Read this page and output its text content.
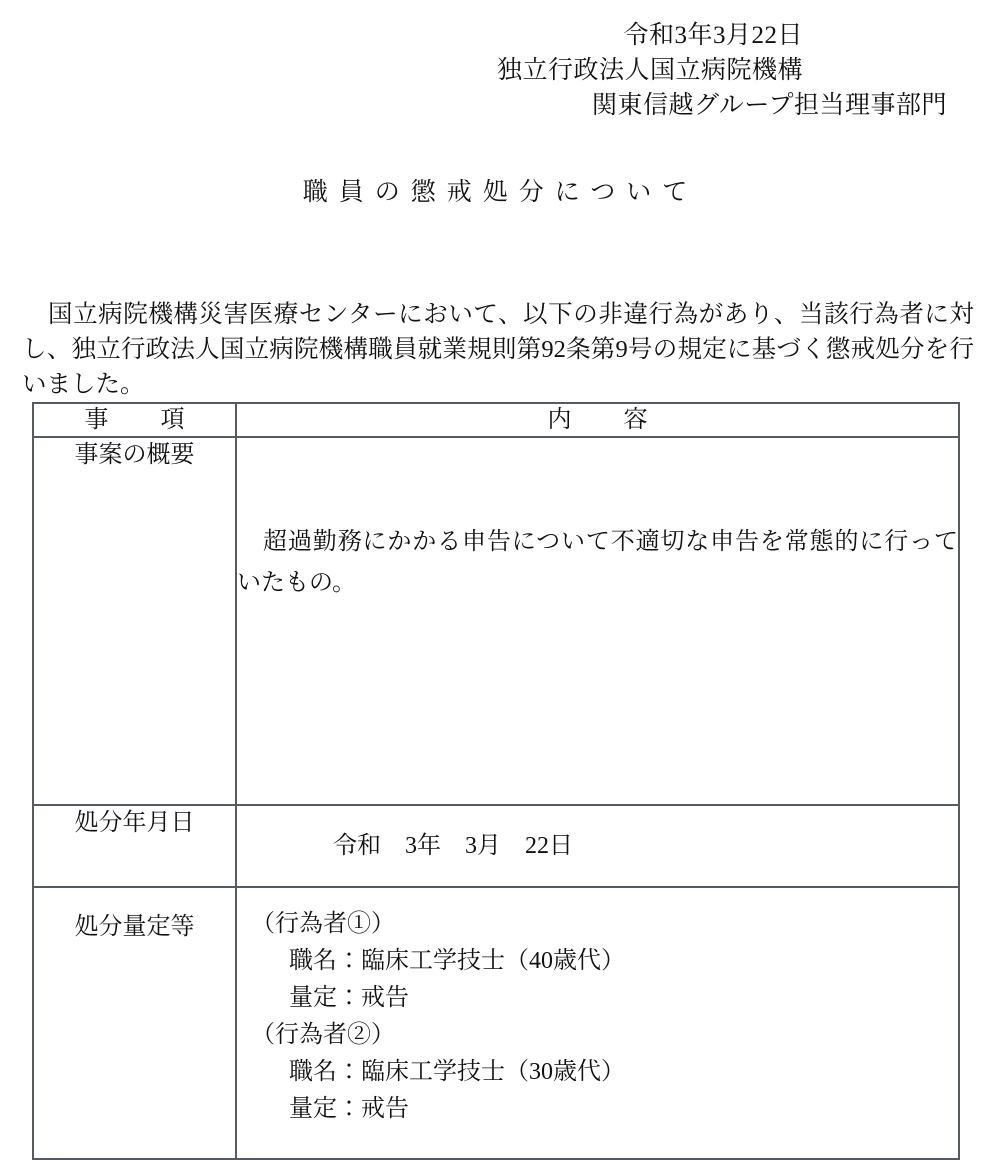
令和3年3月22日
独立行政法人国立病院機構
関東信越グループ担当理事部門
職員の懲戒処分について

国立病院機構災害医療センターにおいて、以下の非違行為があり、当該行為者に対し、独立行政法人国立病院機構職員就業規則第92条第9号の規定に基づく懲戒処分を行いました。

事　項	内　容
事案の概要	超過勤務にかかる申告について不適切な申告を常態的に行っていたもの。

処分年月日	令和　3年　3月　22日
処分量定等	（行為者①）
職名：臨床工学技士（40歳代）
量定：戒告
（行為者②）
職名：臨床工学技士（30歳代）
量定：戒告
